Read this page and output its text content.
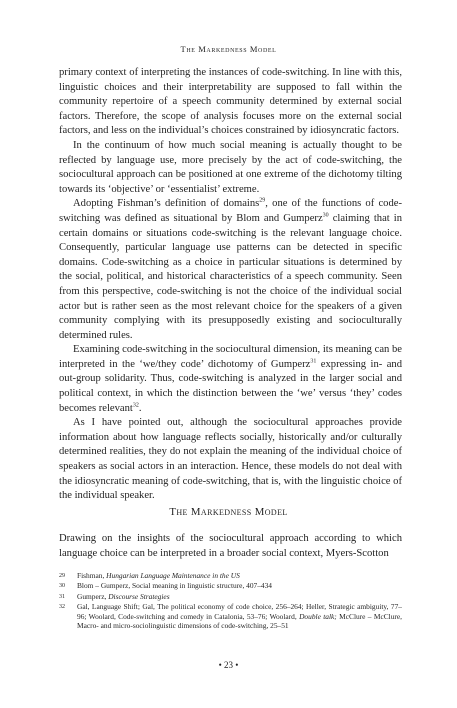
The Markedness Model

primary context of interpreting the instances of code-switching. In line with this, linguistic choices and their interpretability are supposed to fall within the community repertoire of a speech community determined by external social factors. Therefore, the scope of analysis focuses more on the external social factors, and less on the individual’s choices constrained by idiosyncratic factors.

In the continuum of how much social meaning is actually thought to be reflected by language use, more precisely by the act of code-switching, the sociocultural approach can be positioned at one extreme of the dichotomy tilting towards its ‘objective’ or ‘essentialist’ extreme.

Adopting Fishman’s definition of domains$^{29}$, one of the functions of code-switching was defined as situational by Blom and Gumperz$^{30}$ claiming that in certain domains or situations code-switching is the relevant language choice. Consequently, particular language use patterns can be detected in specific domains. Code-switching as a choice in particular situations is determined by the social, political, and historical characteristics of a speech community. Seen from this perspective, code-switching is not the choice of the individual social actor but is rather seen as the most relevant choice for the speakers of a given community complying with its presupposedly existing and socioculturally determined rules.

Examining code-switching in the sociocultural dimension, its meaning can be interpreted in the ‘we/they code’ dichotomy of Gumperz$^{31}$ expressing in- and out-group solidarity. Thus, code-switching is analyzed in the larger social and political context, in which the distinction between the ‘we’ versus ‘they’ codes becomes relevant$^{32}$.

As I have pointed out, although the sociocultural approaches provide information about how language reflects socially, historically and/or culturally determined realities, they do not explain the meaning of the individual choice of speakers as social actors in an interaction. Hence, these models do not deal with the idiosyncratic meaning of code-switching, that is, with the linguistic choice of the individual speaker.

The Markedness Model

Drawing on the insights of the sociocultural approach according to which language choice can be interpreted in a broader social context, Myers-Scotton

29	Fishman, Hungarian Language Maintenance in the US
30	Blom – Gumperz, Social meaning in linguistic structure, 407–434
31	Gumperz, Discourse Strategies
32	Gal, Language Shift; Gal, The political economy of code choice, 256–264; Heller, Strategic ambiguity, 77–96; Woolard, Code-switching and comedy in Catalonia, 53–76; Woolard, Double talk; McClure – McClure, Macro- and micro-sociolinguistic dimensions of code-switching, 25–51
• 23 •
